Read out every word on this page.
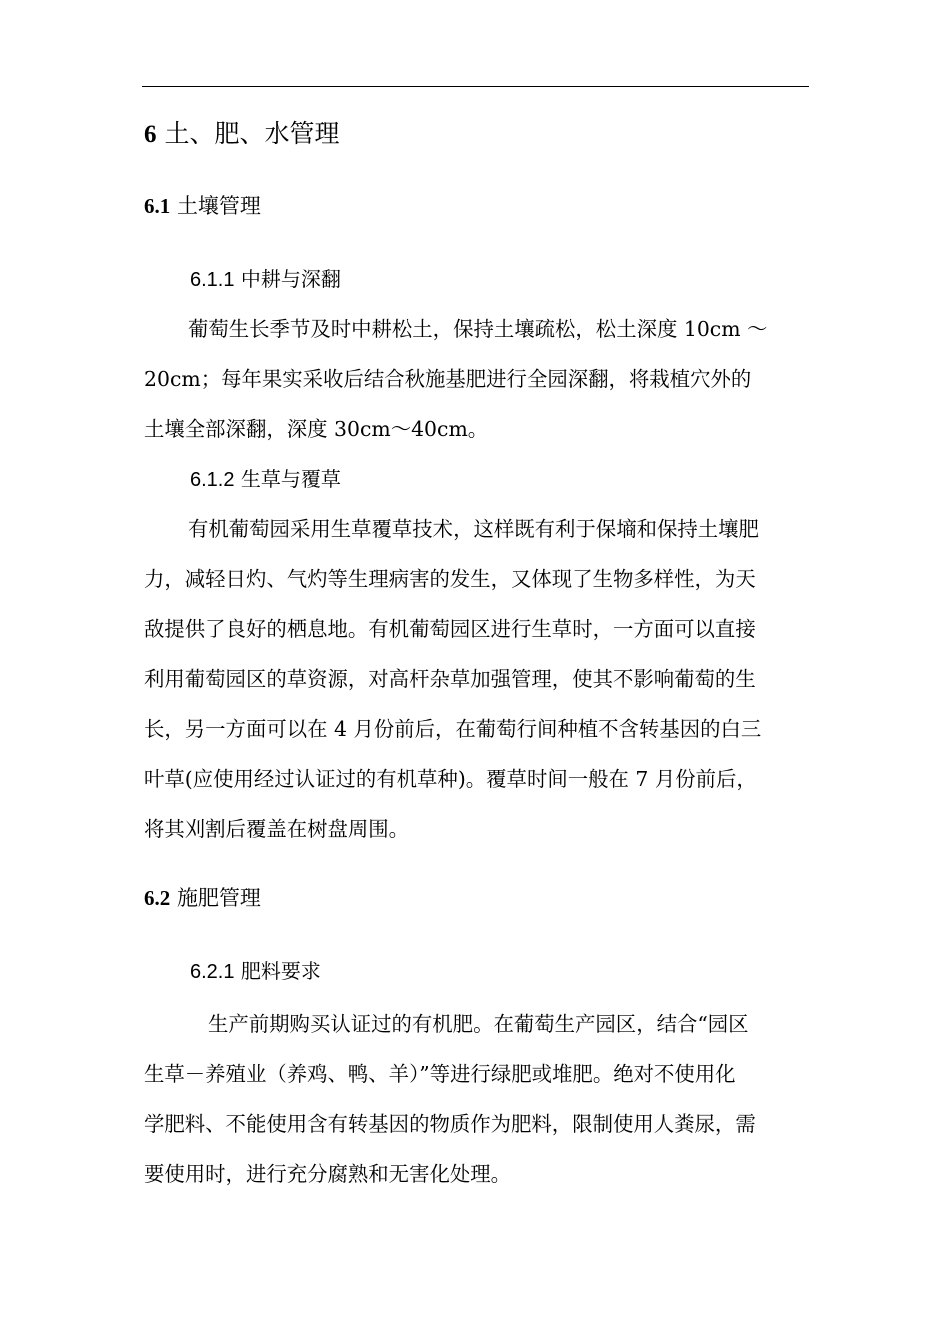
6 土、肥、水管理
6.1 土壤管理
6.1.1 中耕与深翻
葡萄生长季节及时中耕松土，保持土壤疏松，松土深度 10cm ～
20cm；每年果实采收后结合秋施基肥进行全园深翻，将栽植穴外的
土壤全部深翻，深度 30cm～40cm。
6.1.2 生草与覆草
有机葡萄园采用生草覆草技术，这样既有利于保墒和保持土壤肥
力，减轻日灼、气灼等生理病害的发生，又体现了生物多样性，为天
敌提供了良好的栖息地。有机葡萄园区进行生草时，一方面可以直接
利用葡萄园区的草资源，对高杆杂草加强管理，使其不影响葡萄的生
长，另一方面可以在 4 月份前后，在葡萄行间种植不含转基因的白三
叶草(应使用经过认证过的有机草种)。覆草时间一般在 7 月份前后，
将其刈割后覆盖在树盘周围。
6.2 施肥管理
6.2.1 肥料要求
生产前期购买认证过的有机肥。在葡萄生产园区，结合“园区
生草－养殖业（养鸡、鸭、羊）”等进行绿肥或堆肥。绝对不使用化
学肥料、不能使用含有转基因的物质作为肥料，限制使用人粪尿，需
要使用时，进行充分腐熟和无害化处理。
